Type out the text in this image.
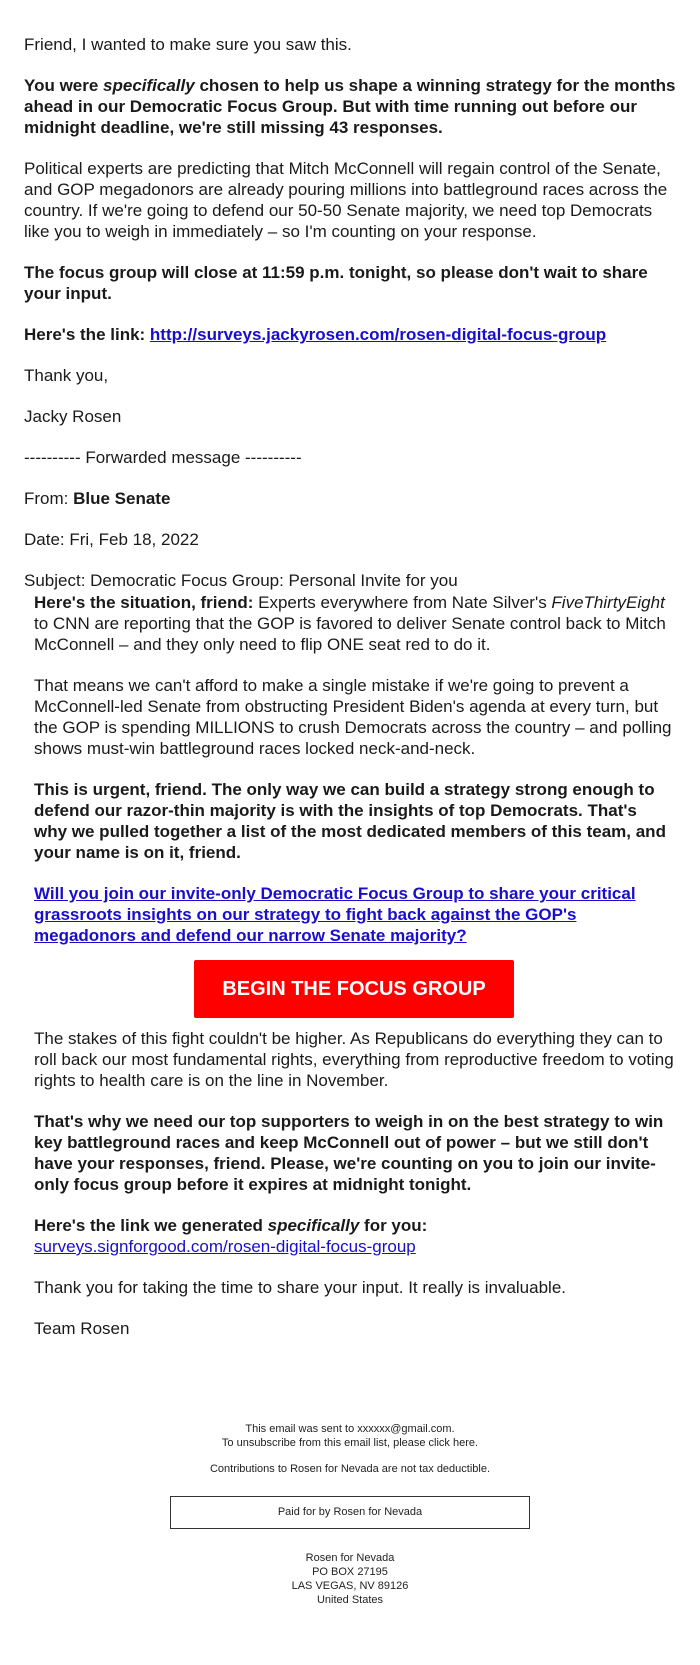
Friend, I wanted to make sure you saw this.

You were specifically chosen to help us shape a winning strategy for the months ahead in our Democratic Focus Group. But with time running out before our midnight deadline, we're still missing 43 responses.

Political experts are predicting that Mitch McConnell will regain control of the Senate, and GOP megadonors are already pouring millions into battleground races across the country. If we're going to defend our 50-50 Senate majority, we need top Democrats like you to weigh in immediately – so I'm counting on your response.

The focus group will close at 11:59 p.m. tonight, so please don't wait to share your input.

Here's the link: http://surveys.jackyrosen.com/rosen-digital-focus-group

Thank you,

Jacky Rosen

---------- Forwarded message ----------

From: Blue Senate

Date: Fri, Feb 18, 2022

Subject: Democratic Focus Group: Personal Invite for you

Here's the situation, friend: Experts everywhere from Nate Silver's FiveThirtyEight to CNN are reporting that the GOP is favored to deliver Senate control back to Mitch McConnell – and they only need to flip ONE seat red to do it.

That means we can't afford to make a single mistake if we're going to prevent a McConnell-led Senate from obstructing President Biden's agenda at every turn, but the GOP is spending MILLIONS to crush Democrats across the country – and polling shows must-win battleground races locked neck-and-neck.

This is urgent, friend. The only way we can build a strategy strong enough to defend our razor-thin majority is with the insights of top Democrats. That's why we pulled together a list of the most dedicated members of this team, and your name is on it, friend.

Will you join our invite-only Democratic Focus Group to share your critical grassroots insights on our strategy to fight back against the GOP's megadonors and defend our narrow Senate majority?

BEGIN THE FOCUS GROUP

The stakes of this fight couldn't be higher. As Republicans do everything they can to roll back our most fundamental rights, everything from reproductive freedom to voting rights to health care is on the line in November.

That's why we need our top supporters to weigh in on the best strategy to win key battleground races and keep McConnell out of power – but we still don't have your responses, friend. Please, we're counting on you to join our invite-only focus group before it expires at midnight tonight.

Here's the link we generated specifically for you:
surveys.signforgood.com/rosen-digital-focus-group

Thank you for taking the time to share your input. It really is invaluable.

Team Rosen

This email was sent to xxxxxx@gmail.com.

To unsubscribe from this email list, please click here.

Contributions to Rosen for Nevada are not tax deductible.

Paid for by Rosen for Nevada

Rosen for Nevada

PO BOX 27195

LAS VEGAS, NV 89126

United States
